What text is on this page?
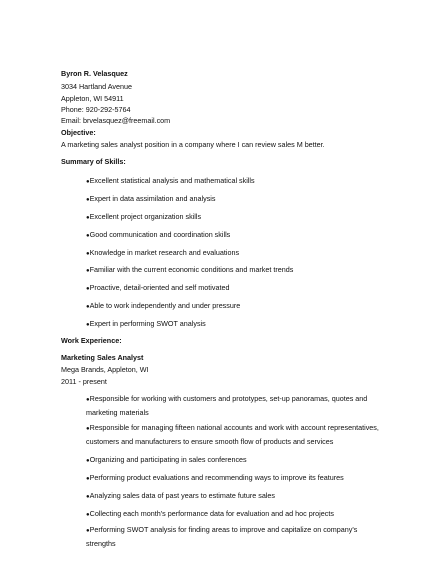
Byron R. Velasquez
3034 Hartland Avenue
Appleton, WI 54911
Phone: 920-292-5764
Email: brvelasquez@freemail.com
Objective:
A marketing sales analyst position in a company where I can review sales M better.
Summary of Skills:
●Excellent statistical analysis and mathematical skills
●Expert in data assimilation and analysis
●Excellent project organization skills
●Good communication and coordination skills
●Knowledge in market research and evaluations
●Familiar with the current economic conditions and market trends
●Proactive, detail-oriented and self motivated
●Able to work independently and under pressure
●Expert in performing SWOT analysis
Work Experience:
Marketing Sales Analyst
Mega Brands, Appleton, WI
2011 - present
●Responsible for working with customers and prototypes, set-up panoramas, quotes and marketing materials
●Responsible for managing fifteen national accounts and work with account representatives, customers and manufacturers to ensure smooth flow of products and services
●Organizing and participating in sales conferences
●Performing product evaluations and recommending ways to improve its features
●Analyzing sales data of past years to estimate future sales
●Collecting each month's performance data for evaluation and ad hoc projects
●Performing SWOT analysis for finding areas to improve and capitalize on company's strengths
